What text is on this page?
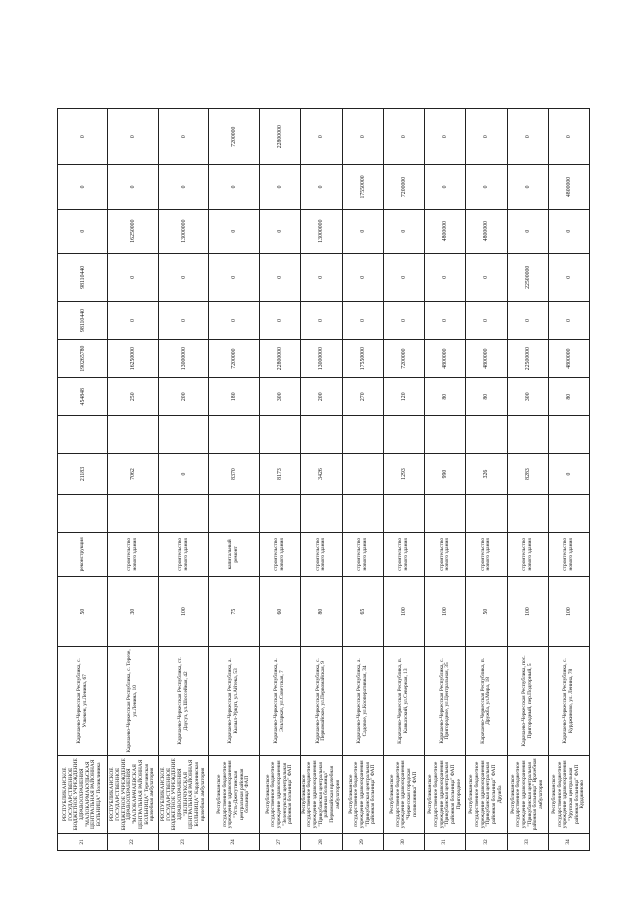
21	РЕСПУБЛИКАНСКОЕ ГОСУДАРСТВЕННОЕ БЮДЖЕТНОЕ УЧРЕЖДЕНИЕ ЗДРАВООХРАНЕНИЯ "МАЛОКАРМАКУЛЬСКАЯ ЦЕНТРАЛЬНАЯ РАЙОННАЯ БОЛЬНИЦА" Поликлиника	Карачаево-Черкесская Республика, с. Учкекен, ул.Ленина, 67	50	реконструкция		21183		454848	190265780	98110440	98110440	0	0	0
22	РЕСПУБЛИКАНСКОЕ ГОСУДАРСТВЕННОЕ БЮДЖЕТНОЕ УЧРЕЖДЕНИЕ ЗДРАВООХРАНЕНИЯ "МАЛОКАРАЧАЕВСКАЯ ЦЕНТРАЛЬНАЯ РАЙОННАЯ БОЛЬНИЦА" Терезинская врачебная амбулатория	Карачаево-Черкесская Республика, с. Терезе, ул.Ленина, 10	30	строительство нового здания		7062		250	16250000	0	0	16250000	0	0
23	РЕСПУБЛИКАНСКОЕ ГОСУДАРСТВЕННОЕ БЮДЖЕТНОЕ УЧРЕЖДЕНИЕ ЗДРАВООХРАНЕНИЯ "ЗЕЛЕНЧУКСКАЯ ЦЕНТРАЛЬНАЯ РАЙОННАЯ БОЛЬНИЦА" Кардоникская врачебная амбулатория	Карачаево-Черкесская Республика, ст. Даусуз, ул.Шоссейная, 42	100	строительство нового здания		0		200	13000000	0	0	13000000	0	0
24	Республиканское государственное бюджетное учреждение здравоохранения "Усть-Джегутинская центральная районная больница" ФАП	Карачаево-Черкесская Республика, а. Кызыл-Уркуп, ул.Айтека, 53	75	капитальный ремонт		8370		180	7200000	0	0	0	0	7200000
27	Республиканское государственное бюджетное учреждение здравоохранения "Зеленчукская центральная районная больница" ФАП	Карачаево-Черкесская Республика, а. Эльтаркач, ул.Советская, 7	60	строительство нового здания		8173		300	22800000	0	0	0	0	22800000
28	Республиканское государственное бюджетное учреждение здравоохранения "Прикубанская центральная районная больница" Первомайская врачебная амбулатория	Карачаево-Черкесская Республика, с. Первомайское, ул.Первомайская, 9	80	строительство нового здания		3426		200	13000000	0	0	13000000	0	0
29	Республиканское государственное бюджетное учреждение здравоохранения "Прикубанская центральная районная больница" ФАП	Карачаево-Черкесская Республика, а. Садовое, ул.Кооперативная, 34	65	строительство нового здания				270	17550000	0	0	0	17550000	0
30	Республиканское государственное бюджетное учреждение здравоохранения "Черкесская городская поликлиника" ФАП	Карачаево-Черкесская Республика, п. Кавказский, ул.Северная, 13	100	строительство нового здания		1293		120	7200000	0	0	0	7200000	0
31	Республиканское государственное бюджетное учреждение здравоохранения "Прикубанская центральная районная больница" ФАП Пригородное	Карачаево-Черкесская Республика, с. Пригородное, ул.Центральная, 35	100	строительство нового здания		990		80	4800000	0	0	4800000	0	0
32	Республиканское государственное бюджетное учреждение здравоохранения "Прикубанская центральная районная больница" ФАП Дружба	Карачаево-Черкесская Республика, п. Дружба, ул.Мира, 18	50	строительство нового здания		326		80	4800000	0	0	4800000	0	0
33	Республиканское государственное бюджетное учреждение здравоохранения "Прикубанская центральная районная больница" Врачебная амбулатория	Карачаево-Черкесская Республика, пос. Пригородный, пер.Подгорный, 5	100	строительство нового здания		8283		300	22500000	0	22500000	0	0	0
34	Республиканское государственное бюджетное учреждение здравоохранения "Урупская центральная районная больница" ФАП Курджиново	Карачаево-Черкесская Республика, с. Курджиново, ул. Ленина, 78	100	строительство нового здания		0		80	4800000	0	0	0	4800000	0
